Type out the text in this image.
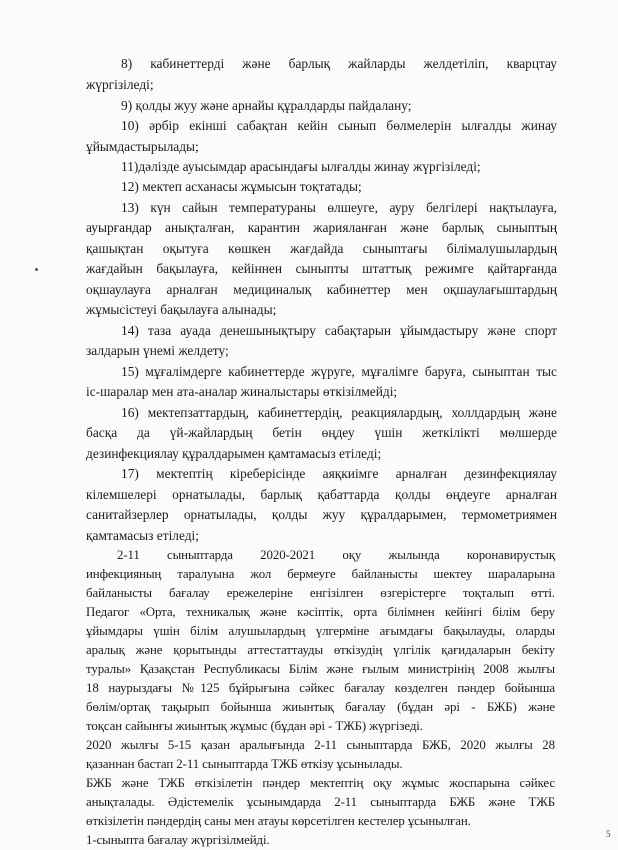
8) кабинеттерді және барлық жайларды желдетіліп, кварцтау
жүргізіледі;
9) қолды жуу және арнайы құралдарды пайдалану;
10) әрбір екінші сабақтан кейін сынып бөлмелерін ылғалды жинау
ұйымдастырылады;
11)дәлізде ауысымдар арасындағы ылғалды жинау жүргізіледі;
12) мектеп асханасы жұмысын тоқтатады;
13) күн сайын температураны өлшеуге, ауру белгілері нақтылауға,
ауырғандар анықталған, карантин жарияланған және барлық сыныптың
қашықтан оқытуға көшкен жағдайда сыныптағы білімалушылардың
жағдайын бақылауға, кейіннен сыныпты штаттық режимге қайтарғанда
оқшаулауға арналған медициналық кабинеттер мен оқшаулағыштардың
жұмысістеуі бақылауға алынады;
14) таза ауада денешынықтыру сабақтарын ұйымдастыру және спорт
залдарын үнемі желдету;
15) мұғалімдерге кабинеттерде жүруге, мұғалімге баруға, сыныптан тыс
іс-шаралар мен ата-аналар жиналыстары өткізілмейді;
16) мектепзаттардың, кабинеттердің, реакциялардың, холлдардың және
басқа да үй-жайлардың бетін өңдеу үшін жеткілікті мөлшерде
дезинфекциялау құралдарымен қамтамасыз етіледі;
17) мектептің кіреберісінде аяқкиімге арналған дезинфекциялау
кілемшелері орнатылады, барлық қабаттарда қолды өңдеуге арналған
санитайзерлер орнатылады, қолды жуу құралдарымен, термометриямен
қамтамасыз етіледі;
2-11 сыныптарда 2020-2021 оқу жылында коронавирустық
инфекцияның таралуына жол бермеуге байланысты шектеу шараларына
байланысты бағалау ережелеріне енгізілген өзгерістерге тоқталып өтті.
Педагог «Орта, техникалық және кәсіптік, орта білімнен кейінгі білім беру
ұйымдары үшін білім алушылардың үлгерміне ағымдағы бақылауды, оларды
аралық және қорытынды аттестаттауды өткізудің үлгілік қағидаларын бекіту
туралы» Қазақстан Республикасы Білім және ғылым министрінің 2008 жылғы
18 наурыздағы №125 бұйрығына сәйкес бағалау көзделген пәндер бойынша
бөлім/ортақ тақырып бойынша жиынтық бағалау (бұдан әрі - БЖБ) және
тоқсан сайынғы жиынтық жұмыс (бұдан әрі - ТЖБ) жүргізеді.
2020 жылғы 5-15 қазан аралығында 2-11 сыныптарда БЖБ, 2020 жылғы 28
қазаннан бастап 2-11 сыныптарда ТЖБ өткізу ұсынылады.
БЖБ және ТЖБ өткізілетін пәндер мектептің оқу жұмыс жоспарына сәйкес
анықталады. Әдістемелік ұсынымдарда 2-11 сыныптарда БЖБ және ТЖБ
өткізілетін пәндердің саны мен атауы көрсетілген кестелер ұсынылған.
1-сыныпта бағалау жүргізілмейді.	5
